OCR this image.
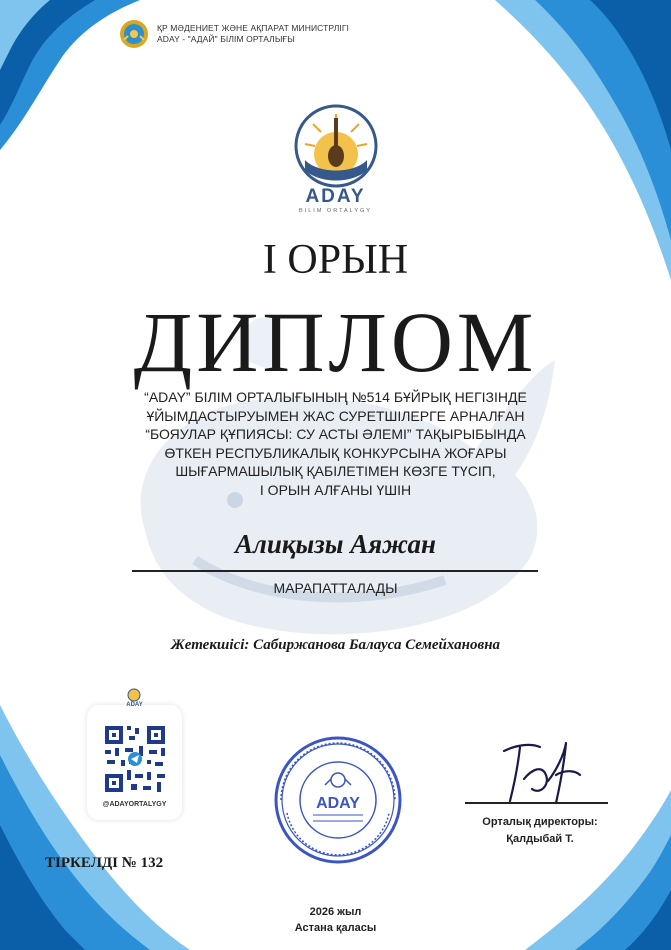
ҚР МӘДЕНИЕТ ЖӘНЕ АҚПАРАТ МИНИСТРЛІГІ
ADAY - "АДАЙ" БІЛІМ ОРТАЛЫҒЫ
ADAY
BILIM ORTALYGY
I ОРЫН
ДИПЛОМ
“ADAY” БІЛІМ ОРТАЛЫҒЫНЫҢ №514 БҰЙРЫҚ НЕГІЗІНДЕ
ҰЙЫМДАСТЫРУЫМЕН ЖАС СУРЕТШІЛЕРГЕ АРНАЛҒАН
“БОЯУЛАР ҚҰПИЯСЫ: СУ АСТЫ ӘЛЕМІ” ТАҚЫРЫБЫНДА
ӨТКЕН РЕСПУБЛИКАЛЫҚ КОНКУРСЫНА ЖОҒАРЫ
ШЫҒАРМАШЫЛЫҚ ҚАБІЛЕТІМЕН КӨЗГЕ ТҮСІП,
I ОРЫН АЛҒАНЫ ҮШІН
Алиқызы Аяжан
МАРАПАТТАЛАДЫ
Жетекшісі: Сабиржанова Балауса Семейхановна
ADAY
@ADAYORTALYGY
ТІРКЕЛДІ № 132
ADAY
Орталық директоры:
Қалдыбай Т.
2026 жыл
Астана қаласы
